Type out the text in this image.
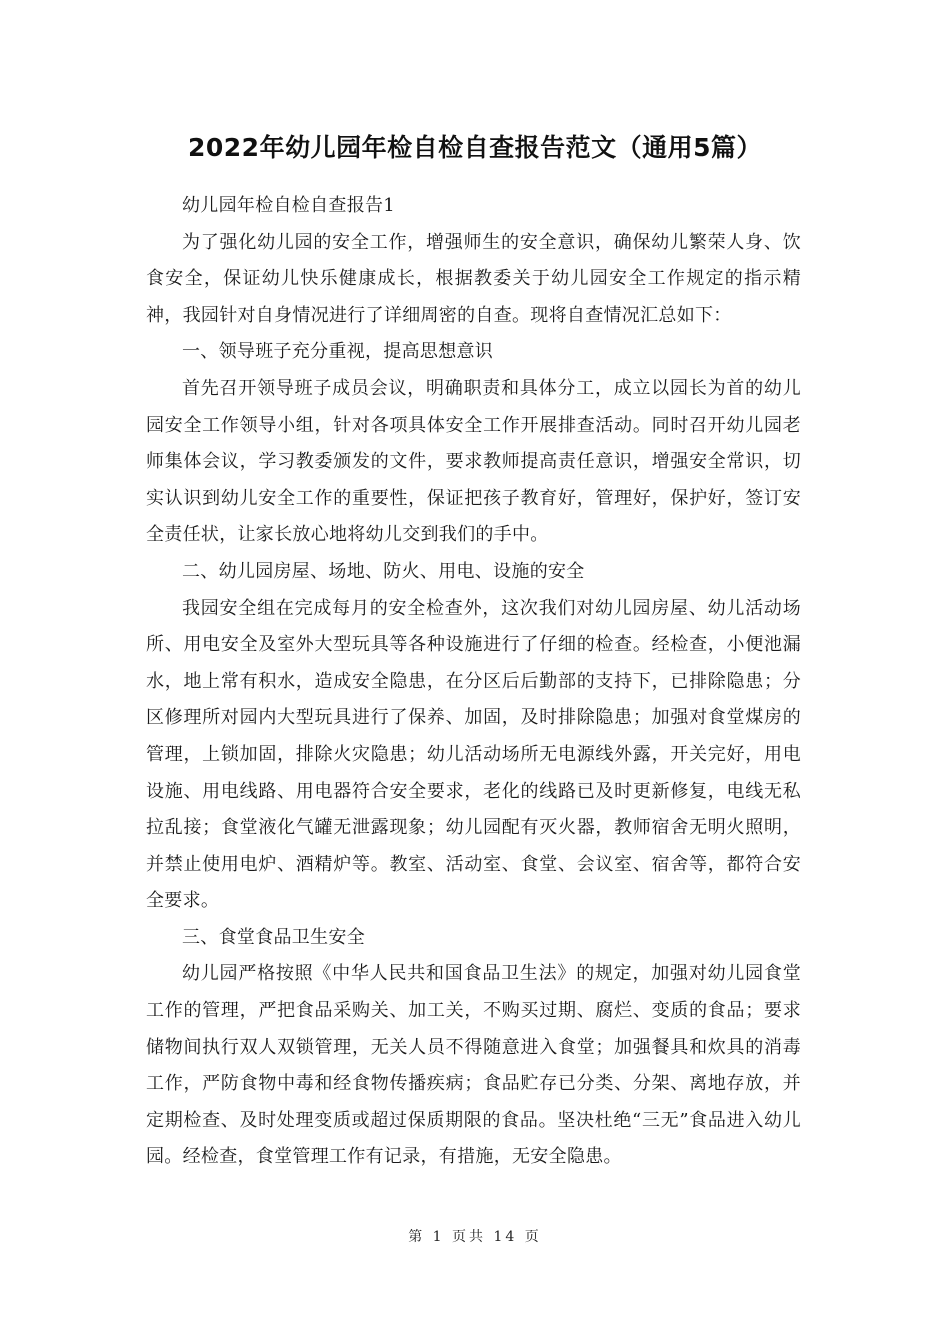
2022年幼儿园年检自检自查报告范文（通用5篇）

幼儿园年检自检自查报告1

为了强化幼儿园的安全工作，增强师生的安全意识，确保幼儿繁荣人身、饮食安全，保证幼儿快乐健康成长，根据教委关于幼儿园安全工作规定的指示精神，我园针对自身情况进行了详细周密的自查。现将自查情况汇总如下：

一、领导班子充分重视，提高思想意识

首先召开领导班子成员会议，明确职责和具体分工，成立以园长为首的幼儿园安全工作领导小组，针对各项具体安全工作开展排查活动。同时召开幼儿园老师集体会议，学习教委颁发的文件，要求教师提高责任意识，增强安全常识，切实认识到幼儿安全工作的重要性，保证把孩子教育好，管理好，保护好，签订安全责任状，让家长放心地将幼儿交到我们的手中。

二、幼儿园房屋、场地、防火、用电、设施的安全

我园安全组在完成每月的安全检查外，这次我们对幼儿园房屋、幼儿活动场所、用电安全及室外大型玩具等各种设施进行了仔细的检查。经检查，小便池漏水，地上常有积水，造成安全隐患，在分区后后勤部的支持下，已排除隐患；分区修理所对园内大型玩具进行了保养、加固，及时排除隐患；加强对食堂煤房的管理，上锁加固，排除火灾隐患；幼儿活动场所无电源线外露，开关完好，用电设施、用电线路、用电器符合安全要求，老化的线路已及时更新修复，电线无私拉乱接；食堂液化气罐无泄露现象；幼儿园配有灭火器，教师宿舍无明火照明，并禁止使用电炉、酒精炉等。教室、活动室、食堂、会议室、宿舍等，都符合安全要求。

三、食堂食品卫生安全

幼儿园严格按照《中华人民共和国食品卫生法》的规定，加强对幼儿园食堂工作的管理，严把食品采购关、加工关，不购买过期、腐烂、变质的食品；要求储物间执行双人双锁管理，无关人员不得随意进入食堂；加强餐具和炊具的消毒工作，严防食物中毒和经食物传播疾病；食品贮存已分类、分架、离地存放，并定期检查、及时处理变质或超过保质期限的食品。坚决杜绝“三无”食品进入幼儿园。经检查，食堂管理工作有记录，有措施，无安全隐患。

第 1 页共 14 页
